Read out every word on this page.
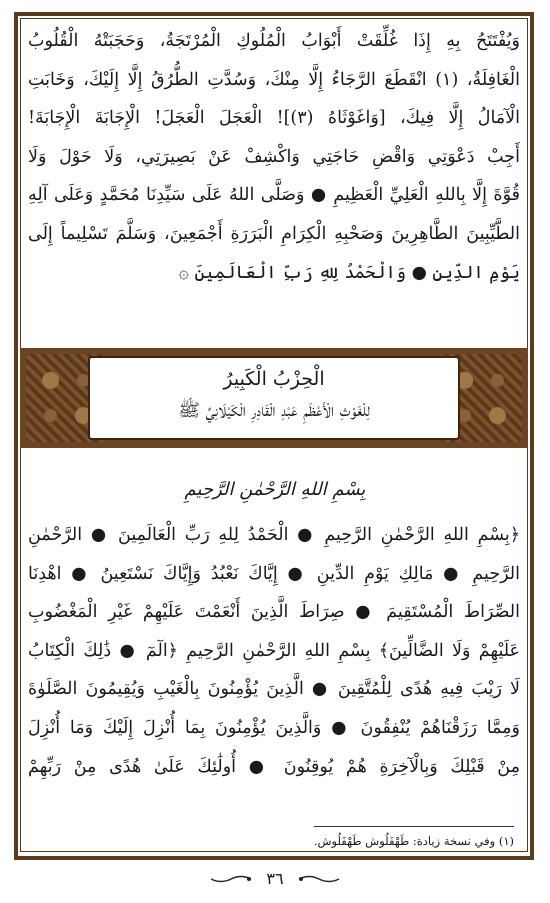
وَيُفْتَتَحُ بِهِ إِذَا غُلِّقَتْ أَبْوَابُ الْمُلُوكِ الْمُرْتَجَةُ، وَحَجَبَتْهُ الْقُلُوبُ
الْغَافِلَةُ، (١) انْقَطَعَ الرَّجَاءُ إِلَّا مِنْكَ، وَسُدَّتِ الطُّرُقُ إِلَّا إِلَيْكَ، وَخَابَتِ
الْآمَالُ إِلَّا فِيكَ، [وَاغَوْثَاهُ (٣)]! الْعَجَلَ الْعَجَلَ! الْإِجَابَةَ الْإِجَابَةَ!
أَجِبْ دَعْوَتِي وَاقْضِ حَاجَتِي وَاكْشِفْ عَنْ بَصِيرَتِي، وَلَا حَوْلَ وَلَا
قُوَّةَ إِلَّا بِاللهِ الْعَلِيِّ الْعَظِيمِ ● وَصَلَّى اللهُ عَلَى سَيِّدِنَا مُحَمَّدٍ وَعَلَى آلِهِ
الطَّيِّبِينَ الطَّاهِرِينَ وَصَحْبِهِ الْكِرَامِ الْبَرَرَةِ أَجْمَعِينَ، وَسَلَّمَ تَسْلِيماً إِلَى
يَوْمِ الدِّينِ ● وَالْحَمْدُ لِلهِ رَبِّ الْعَالَمِينَ ۞
الْحِزْبُ الْكَبِيرُ
لِلْغَوْثِ الْأَعْظَمِ عَبْدِ الْقَادِرِ الْكَيْلَانِيِّ ﷺ
بِسْمِ اللهِ الرَّحْمٰنِ الرَّحِيمِ
﴿بِسْمِ اللهِ الرَّحْمٰنِ الرَّحِيمِ ● الْحَمْدُ لِلهِ رَبِّ الْعَالَمِينَ ● الرَّحْمٰنِ
الرَّحِيمِ ● مَالِكِ يَوْمِ الدِّينِ ● إِيَّاكَ نَعْبُدُ وَإِيَّاكَ نَسْتَعِينُ ● اهْدِنَا
الصِّرَاطَ الْمُسْتَقِيمَ ● صِرَاطَ الَّذِينَ أَنْعَمْتَ عَلَيْهِمْ غَيْرِ الْمَغْضُوبِ
عَلَيْهِمْ وَلَا الضَّالِّينَ﴾ بِسْمِ اللهِ الرَّحْمٰنِ الرَّحِيمِ ﴿الٓمٓ ● ذَٰلِكَ الْكِتَابُ
لَا رَيْبَ فِيهِ هُدًى لِلْمُتَّقِينَ ● الَّذِينَ يُؤْمِنُونَ بِالْغَيْبِ وَيُقِيمُونَ الصَّلَوٰةَ
وَمِمَّا رَزَقْنَاهُمْ يُنْفِقُونَ ● وَالَّذِينَ يُؤْمِنُونَ بِمَا أُنْزِلَ إِلَيْكَ وَمَا أُنْزِلَ
مِنْ قَبْلِكَ وَبِالْآخِرَةِ هُمْ يُوقِنُونَ ● أُولَٰئِكَ عَلَىٰ هُدًى مِنْ رَبِّهِمْ
(١) وفي نسخة زيادة: طَهْفَلُوش طَهْفَلُوش.
٣٦
